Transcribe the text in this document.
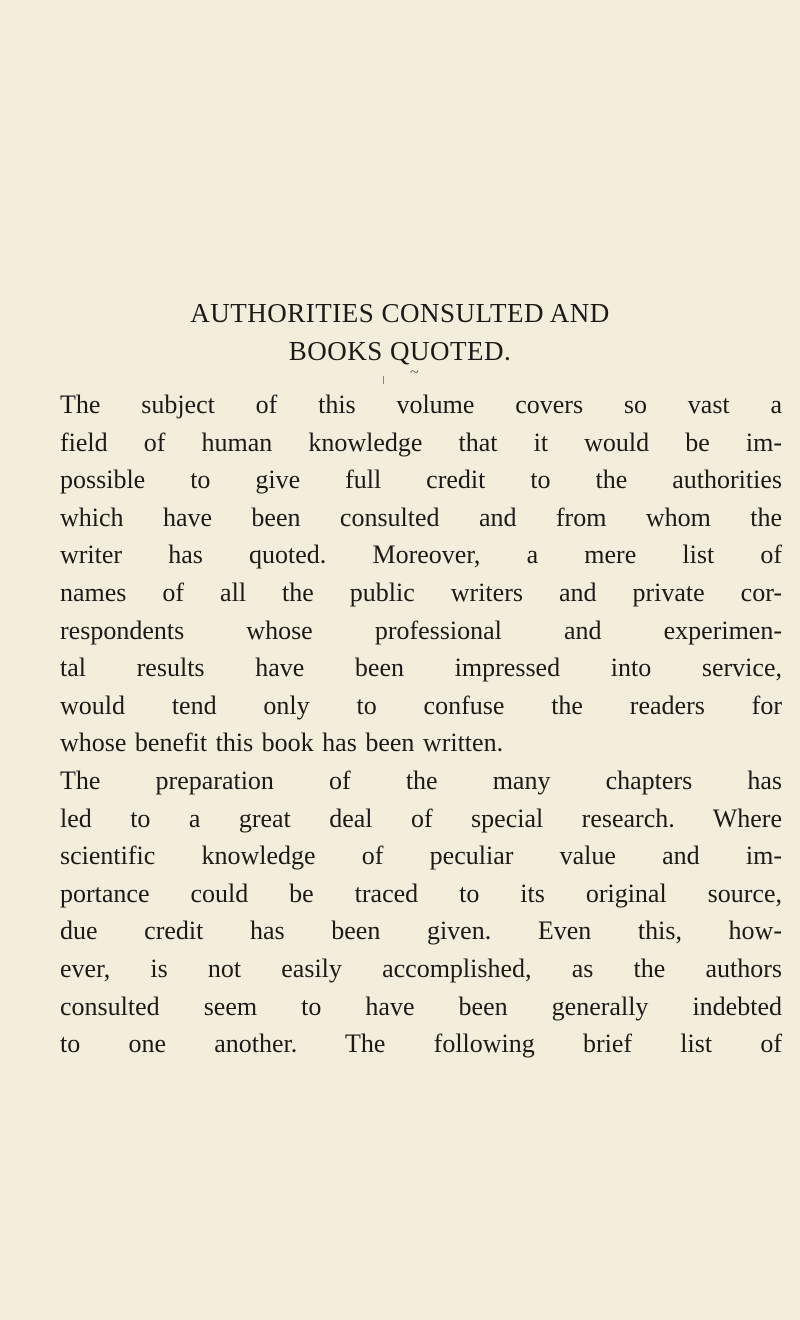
AUTHORITIES CONSULTED AND
BOOKS QUOTED.
~
The subject of this volume covers so vast a
field of human knowledge that it would be im-
possible to give full credit to the authorities
which have been consulted and from whom the
writer has quoted. Moreover, a mere list of
names of all the public writers and private cor-
respondents whose professional and experimen-
tal results have been impressed into service,
would tend only to confuse the readers for
whose benefit this book has been written.
The preparation of the many chapters has
led to a great deal of special research. Where
scientific knowledge of peculiar value and im-
portance could be traced to its original source,
due credit has been given. Even this, how-
ever, is not easily accomplished, as the authors
consulted seem to have been generally indebted
to one another. The following brief list of
